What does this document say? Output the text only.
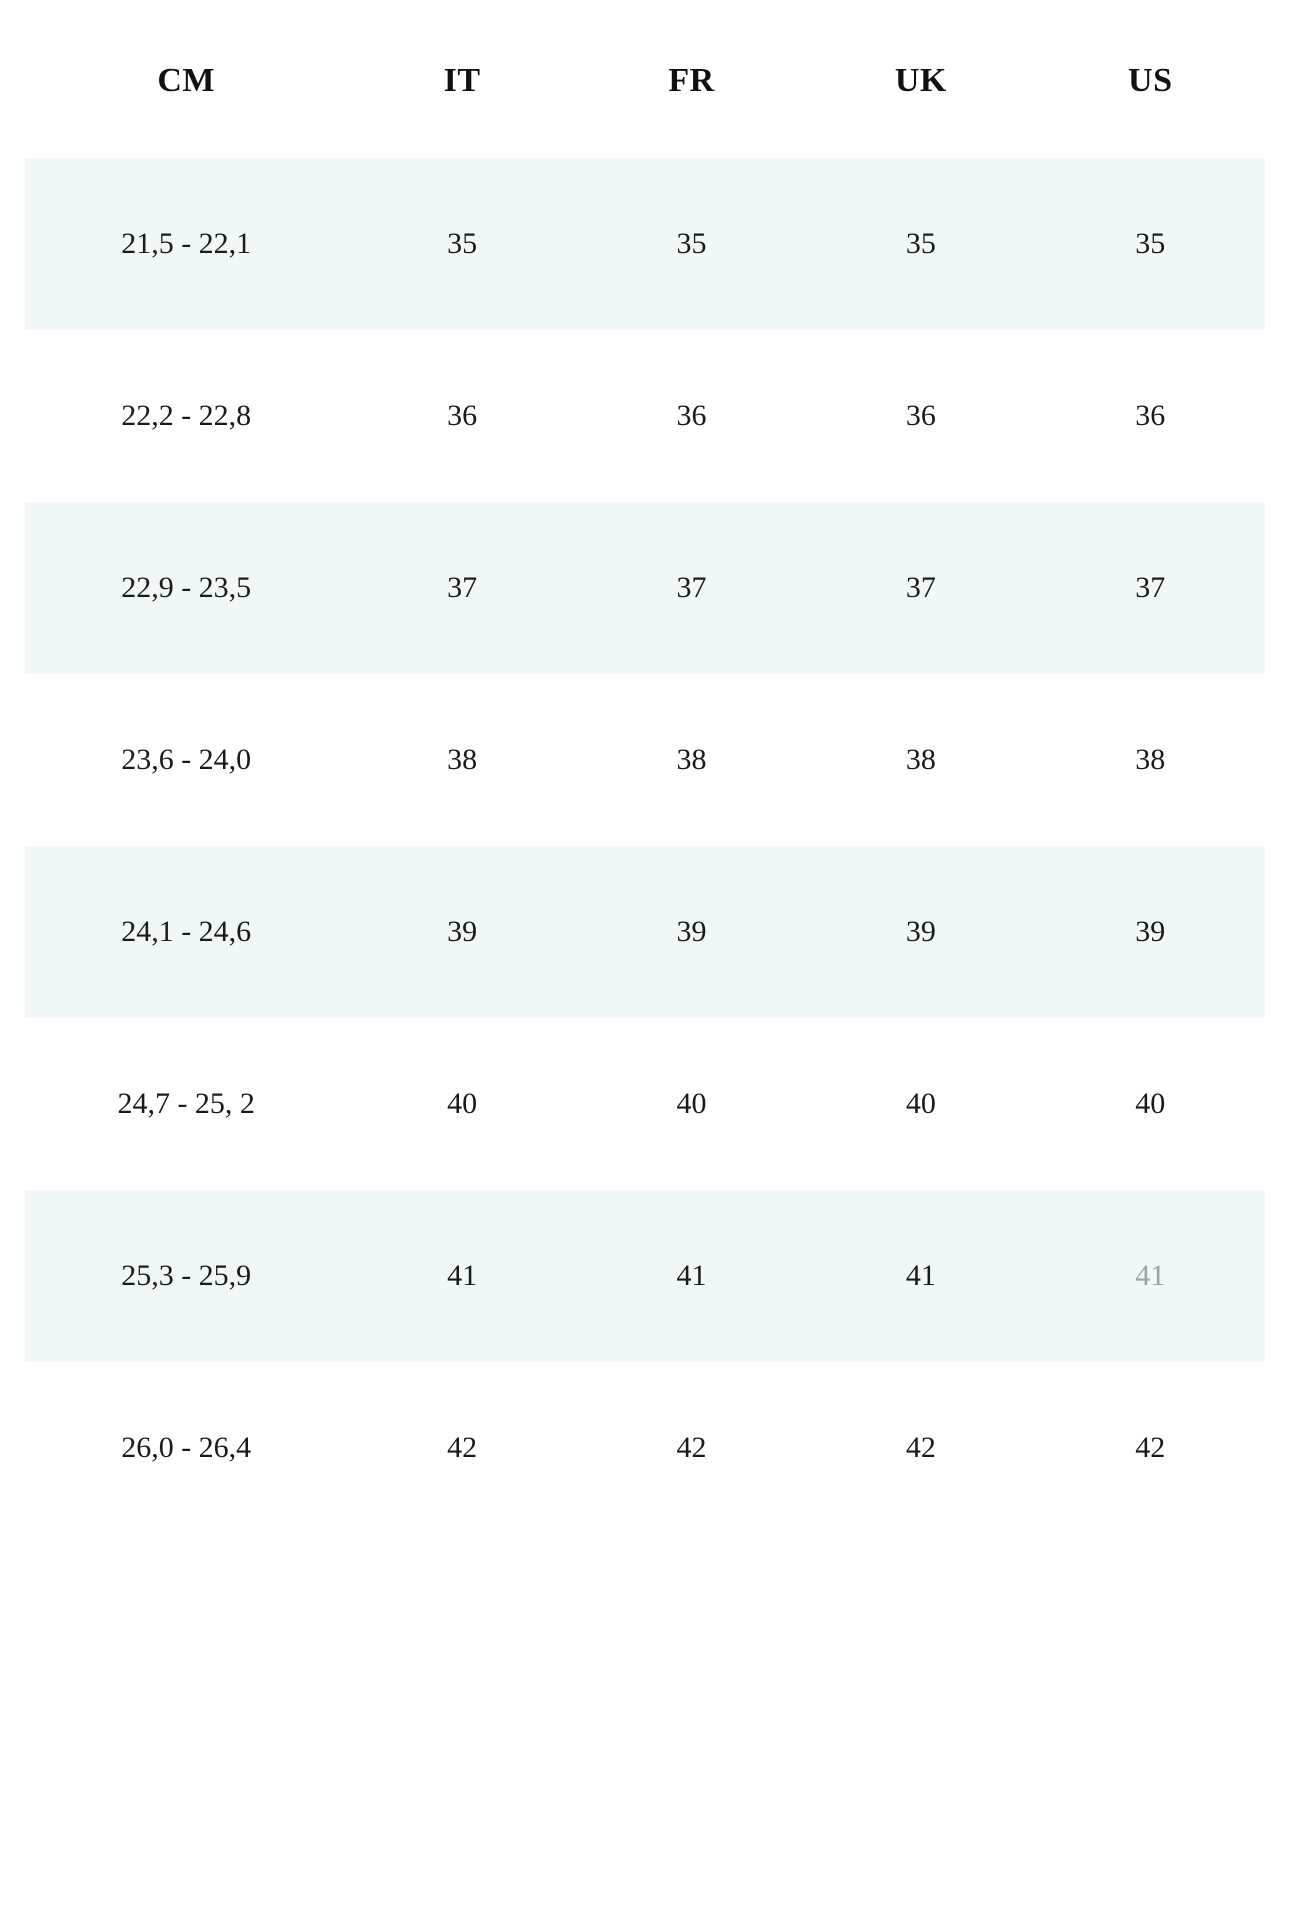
CM	IT	FR	UK	US
21,5 - 22,1	35	35	35	35
22,2 - 22,8	36	36	36	36
22,9 - 23,5	37	37	37	37
23,6 - 24,0	38	38	38	38
24,1 - 24,6	39	39	39	39
24,7 - 25, 2	40	40	40	40
25,3 - 25,9	41	41	41	41
26,0 - 26,4	42	42	42	42
